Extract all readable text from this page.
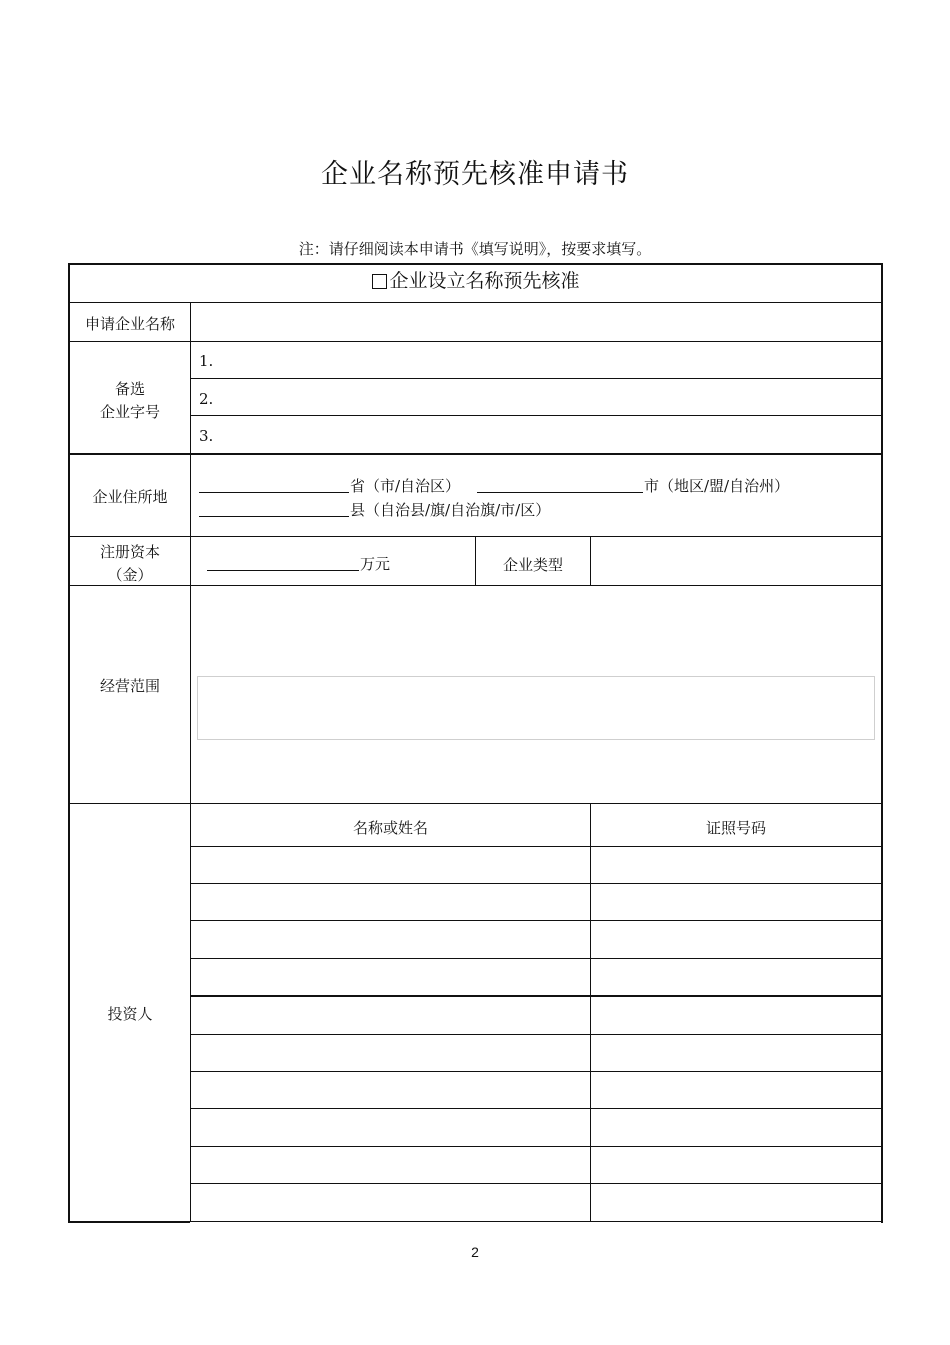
企业名称预先核准申请书
注：请仔细阅读本申请书《填写说明》，按要求填写。
企业设立名称预先核准
申请企业名称
备选
企业字号
1.
2.
3.
企业住所地
省（市/自治区）	市（地区/盟/自治州）
县（自治县/旗/自治旗/市/区）
注册资本
（金）
万元	企业类型
经营范围
投资人
名称或姓名	证照号码
2
